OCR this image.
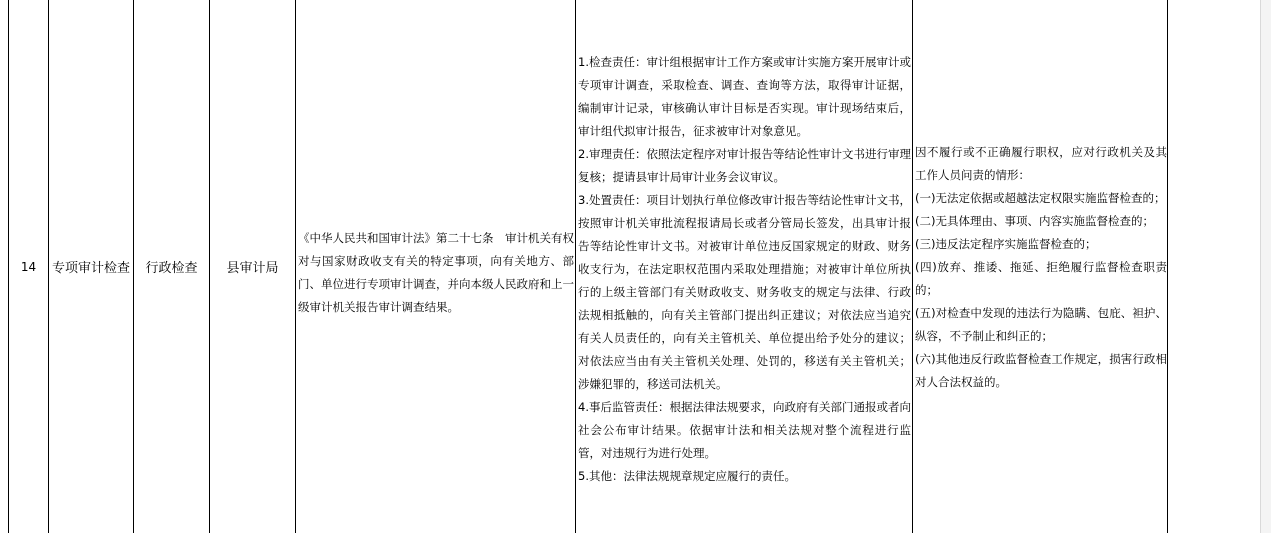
14 专项审计检查 行政检查 县审计局
《中华人民共和国审计法》第二十七条　审计机关有权对与国家财政收支有关的特定事项，向有关地方、部门、单位进行专项审计调查，并向本级人民政府和上一级审计机关报告审计调查结果。
1.检查责任：审计组根据审计工作方案或审计实施方案开展审计或专项审计调查，采取检查、调查、查询等方法，取得审计证据，编制审计记录，审核确认审计目标是否实现。审计现场结束后，审计组代拟审计报告，征求被审计对象意见。
2.审理责任：依照法定程序对审计报告等结论性审计文书进行审理复核；提请县审计局审计业务会议审议。
3.处置责任：项目计划执行单位修改审计报告等结论性审计文书，按照审计机关审批流程报请局长或者分管局长签发，出具审计报告等结论性审计文书。对被审计单位违反国家规定的财政、财务收支行为，在法定职权范围内采取处理措施；对被审计单位所执行的上级主管部门有关财政收支、财务收支的规定与法律、行政法规相抵触的，向有关主管部门提出纠正建议；对依法应当追究有关人员责任的，向有关主管机关、单位提出给予处分的建议；对依法应当由有关主管机关处理、处罚的，移送有关主管机关；涉嫌犯罪的，移送司法机关。
4.事后监管责任：根据法律法规要求，向政府有关部门通报或者向社会公布审计结果。依据审计法和相关法规对整个流程进行监管，对违规行为进行处理。
5.其他：法律法规规章规定应履行的责任。
因不履行或不正确履行职权，应对行政机关及其工作人员问责的情形：
(一)无法定依据或超越法定权限实施监督检查的；
(二)无具体理由、事项、内容实施监督检查的；
(三)违反法定程序实施监督检查的；
(四)放弃、推诿、拖延、拒绝履行监督检查职责的；
(五)对检查中发现的违法行为隐瞒、包庇、袒护、纵容，不予制止和纠正的；
(六)其他违反行政监督检查工作规定，损害行政相对人合法权益的。
